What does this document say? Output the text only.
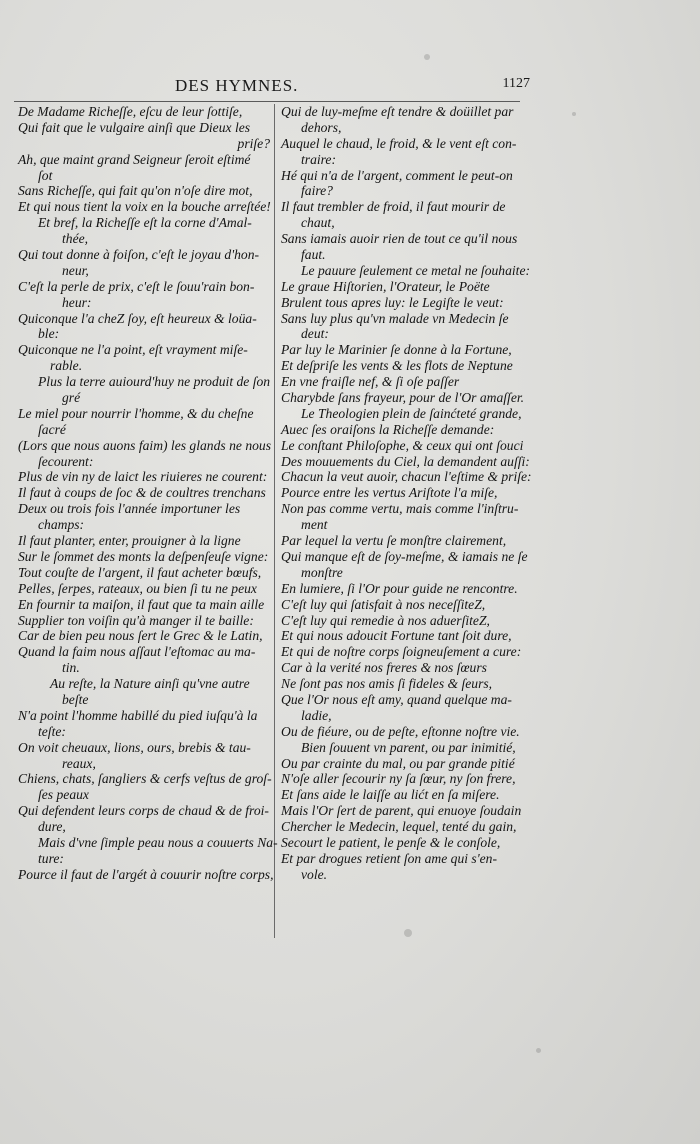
DES HYMNES.	1127
De Madame Richeſſe, eſcu de leur ſottiſe,
Qui fait que le vulgaire ainſi que Dieux les
priſe?
Ah, que maint grand Seigneur ſeroit eſtimé
ſot
Sans Richeſſe, qui fait qu'on n'oſe dire mot,
Et qui nous tient la voix en la bouche arreſtée!
Et bref, la Richeſſe eſt la corne d'Amal-
thée,
Qui tout donne à foiſon, c'eſt le joyau d'hon-
neur,
C'eſt la perle de prix, c'eſt le ſouu'rain bon-
heur:
Quiconque l'a cheZ ſoy, eſt heureux & loüa-
ble:
Quiconque ne l'a point, eſt vrayment miſe-
rable.
Plus la terre auiourd'huy ne produit de ſon
gré
Le miel pour nourrir l'homme, & du cheſne
ſacré
(Lors que nous auons faim) les glands ne nous
ſecourent:
Plus de vin ny de laict les riuieres ne courent:
Il faut à coups de ſoc & de coultres trenchans
Deux ou trois fois l'année importuner les
champs:
Il faut planter, enter, prouigner à la ligne
Sur le ſommet des monts la deſpenſeuſe vigne:
Tout couſte de l'argent, il faut acheter bœufs,
Pelles, ſerpes, rateaux, ou bien ſi tu ne peux
En fournir ta maiſon, il faut que ta main aille
Supplier ton voiſin qu'à manger il te baille:
Car de bien peu nous ſert le Grec & le Latin,
Quand la faim nous aſſaut l'eſtomac au ma-
tin.
Au reſte, la Nature ainſi qu'vne autre
beſte
N'a point l'homme habillé du pied iuſqu'à la
teſte:
On voit cheuaux, lions, ours, brebis & tau-
reaux,
Chiens, chats, ſangliers & cerfs veſtus de groſ-
ſes peaux
Qui defendent leurs corps de chaud & de froi-
dure,
Mais d'vne ſimple peau nous a couuerts Na-
ture:
Pource il faut de l'argét à couurir noſtre corps,
Qui de luy-meſme eſt tendre & doüillet par
dehors,
Auquel le chaud, le froid, & le vent eſt con-
traire:
Hé qui n'a de l'argent, comment le peut-on
faire?
Il faut trembler de froid, il faut mourir de
chaut,
Sans iamais auoir rien de tout ce qu'il nous
faut.
Le pauure ſeulement ce metal ne ſouhaite:
Le graue Hiſtorien, l'Orateur, le Poëte
Brulent tous apres luy: le Legiſte le veut:
Sans luy plus qu'vn malade vn Medecin ſe
deut:
Par luy le Marinier ſe donne à la Fortune,
Et deſpriſe les vents & les flots de Neptune
En vne fraiſle nef, & ſi oſe paſſer
Charybde ſans frayeur, pour de l'Or amaſſer.
Le Theologien plein de ſainćteté grande,
Auec ſes oraiſons la Richeſſe demande:
Le conſtant Philoſophe, & ceux qui ont ſouci
Des mouuements du Ciel, la demandent auſſi:
Chacun la veut auoir, chacun l'eſtime & priſe:
Pource entre les vertus Ariſtote l'a miſe,
Non pas comme vertu, mais comme l'inſtru-
ment
Par lequel la vertu ſe monſtre clairement,
Qui manque eſt de ſoy-meſme, & iamais ne ſe
monſtre
En lumiere, ſi l'Or pour guide ne rencontre.
C'eſt luy qui ſatisfait à nos neceſſiteZ,
C'eſt luy qui remedie à nos aduerſiteZ,
Et qui nous adoucit Fortune tant ſoit dure,
Et qui de noſtre corps ſoigneuſement a cure:
Car à la verité nos freres & nos ſœurs
Ne ſont pas nos amis ſi fideles & ſeurs,
Que l'Or nous eſt amy, quand quelque ma-
ladie,
Ou de fiéure, ou de peſte, eſtonne noſtre vie.
Bien ſouuent vn parent, ou par inimitié,
Ou par crainte du mal, ou par grande pitié
N'oſe aller ſecourir ny ſa ſœur, ny ſon frere,
Et ſans aide le laiſſe au lićt en ſa miſere.
Mais l'Or ſert de parent, qui enuoye ſoudain
Chercher le Medecin, lequel, tenté du gain,
Secourt le patient, le penſe & le conſole,
Et par drogues retient ſon ame qui s'en-
vole.
